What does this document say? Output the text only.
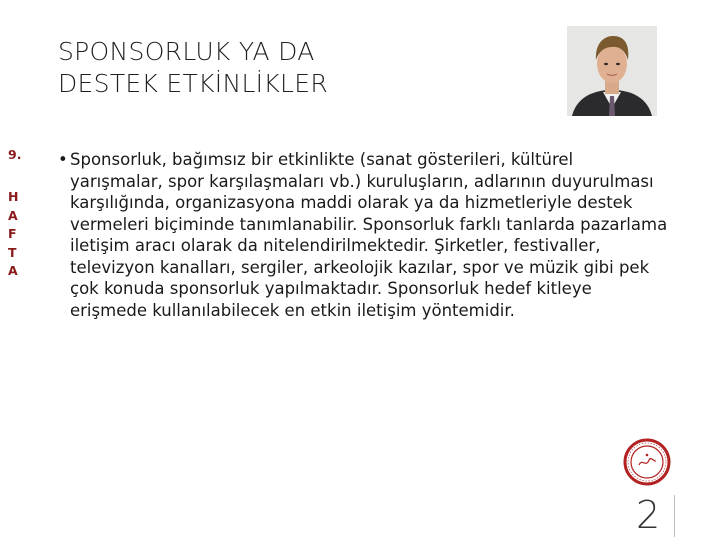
SPONSORLUK YA DA
DESTEK ETKİNLİKLER
9.
H
A
F
T
A
• Sponsorluk, bağımsız bir etkinlikte (sanat gösterileri, kültürel yarışmalar, spor karşılaşmaları vb.) kuruluşların, adlarının duyurulması karşılığında, organizasyona maddi olarak ya da hizmetleriyle destek vermeleri biçiminde tanımlanabilir. Sponsorluk farklı tanlarda pazarlama iletişim aracı olarak da nitelendirilmektedir. Şirketler, festivaller, televizyon kanalları, sergiler, arkeolojik kazılar, spor ve müzik gibi pek çok konuda sponsorluk yapılmaktadır. Sponsorluk hedef kitleye erişmede kullanılabilecek en etkin iletişim yöntemidir.
2
